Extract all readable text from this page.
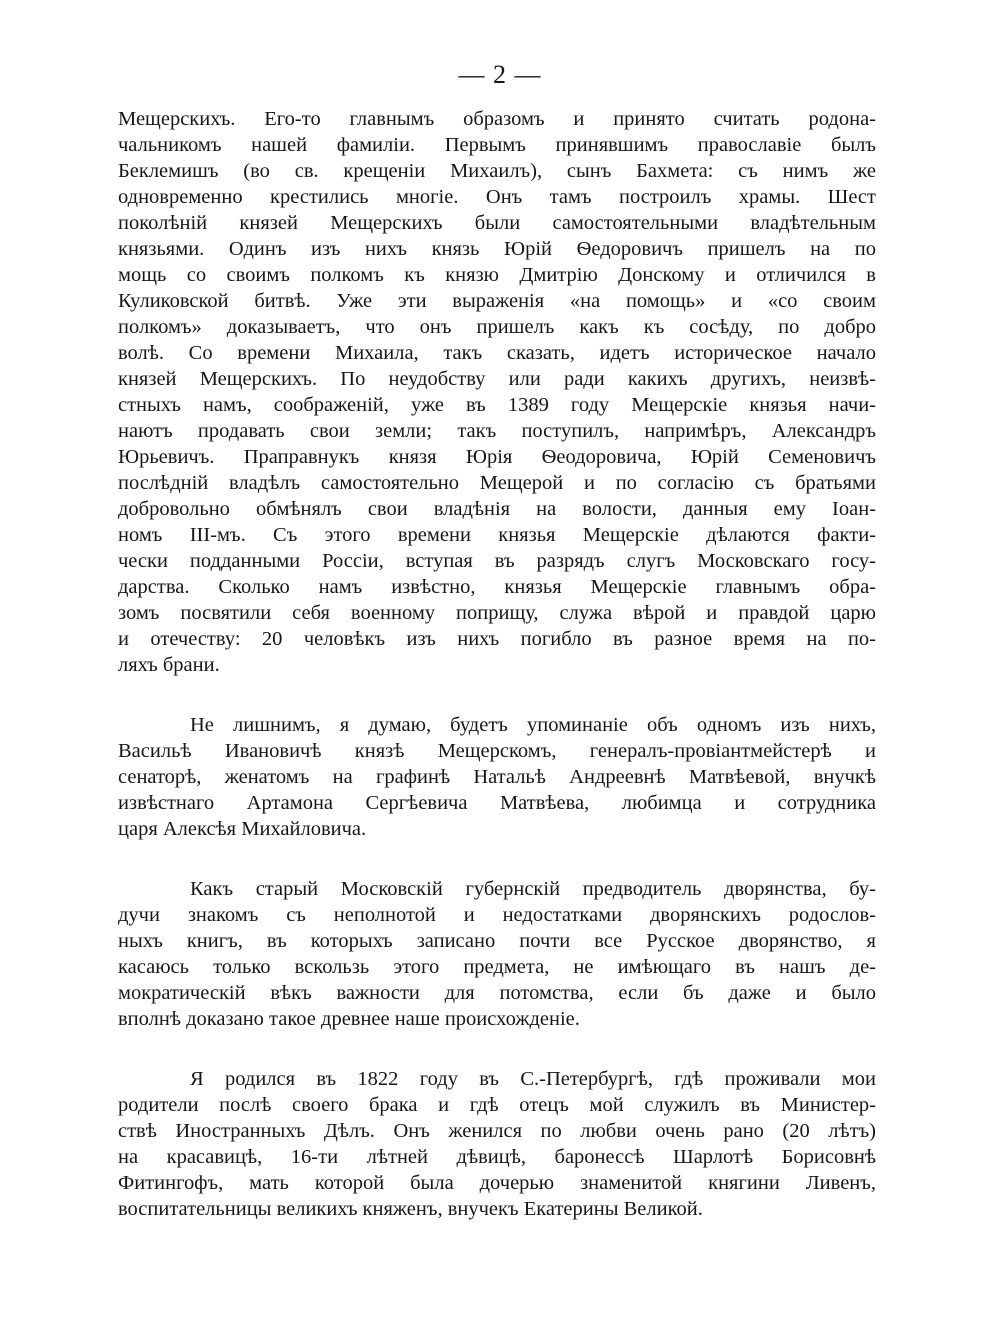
— 2 —
Мещерскихъ. Его-то главнымъ образомъ и принято считать родона-
чальникомъ нашей фамиліи. Первымъ принявшимъ православіе былъ
Беклемишъ (во св. крещеніи Михаилъ), сынъ Бахмета: съ нимъ же
одновременно крестились многіе. Онъ тамъ построилъ храмы. Шест
поколѣній князей Мещерскихъ были самостоятельными владѣтельным
князьями. Одинъ изъ нихъ князь Юрій Ѳедоровичъ пришелъ на по
мощь со своимъ полкомъ къ князю Дмитрію Донскому и отличился в
Куликовской битвѣ. Уже эти выраженія «на помощь» и «со своим
полкомъ» доказываетъ, что онъ пришелъ какъ къ сосѣду, по добро
волѣ. Со времени Михаила, такъ сказать, идетъ историческое начало
князей Мещерскихъ. По неудобству или ради какихъ другихъ, неизвѣ-
стныхъ намъ, соображеній, уже въ 1389 году Мещерскіе князья начи-
наютъ продавать свои земли; такъ поступилъ, напримѣръ, Александръ
Юрьевичъ. Праправнукъ князя Юрія Ѳеодоровича, Юрій Семеновичъ
послѣдній владѣлъ самостоятельно Мещерой и по согласію съ братьями
добровольно обмѣнялъ свои владѣнія на волости, данныя ему Іоан-
номъ III-мъ. Съ этого времени князья Мещерскіе дѣлаются факти-
чески подданными Россіи, вступая въ разрядъ слугъ Московскаго госу-
дарства. Сколько намъ извѣстно, князья Мещерскіе главнымъ обра-
зомъ посвятили себя военному поприщу, служа вѣрой и правдой царю
и отечеству: 20 человѣкъ изъ нихъ погибло въ разное время на по-
ляхъ брани.
Не лишнимъ, я думаю, будетъ упоминаніе объ одномъ изъ нихъ,
Васильѣ Ивановичѣ князѣ Мещерскомъ, генералъ-провіантмейстерѣ и
сенаторѣ, женатомъ на графинѣ Натальѣ Андреевнѣ Матвѣевой, внучкѣ
извѣстнаго Артамона Сергѣевича Матвѣева, любимца и сотрудника
царя Алексѣя Михайловича.
Какъ старый Московскій губернскій предводитель дворянства, бу-
дучи знакомъ съ неполнотой и недостатками дворянскихъ родослов-
ныхъ книгъ, въ которыхъ записано почти все Русское дворянство, я
касаюсь только вскользь этого предмета, не имѣющаго въ нашъ де-
мократическій вѣкъ важности для потомства, если бъ даже и было
вполнѣ доказано такое древнее наше происхожденіе.
Я родился въ 1822 году въ С.-Петербургѣ, гдѣ проживали мои
родители послѣ своего брака и гдѣ отецъ мой служилъ въ Министер-
ствѣ Иностранныхъ Дѣлъ. Онъ женился по любви очень рано (20 лѣтъ)
на красавицѣ, 16-ти лѣтней дѣвицѣ, баронессѣ Шарлотѣ Борисовнѣ
Фитингофъ, мать которой была дочерью знаменитой княгини Ливенъ,
воспитательницы великихъ княженъ, внучекъ Екатерины Великой.
